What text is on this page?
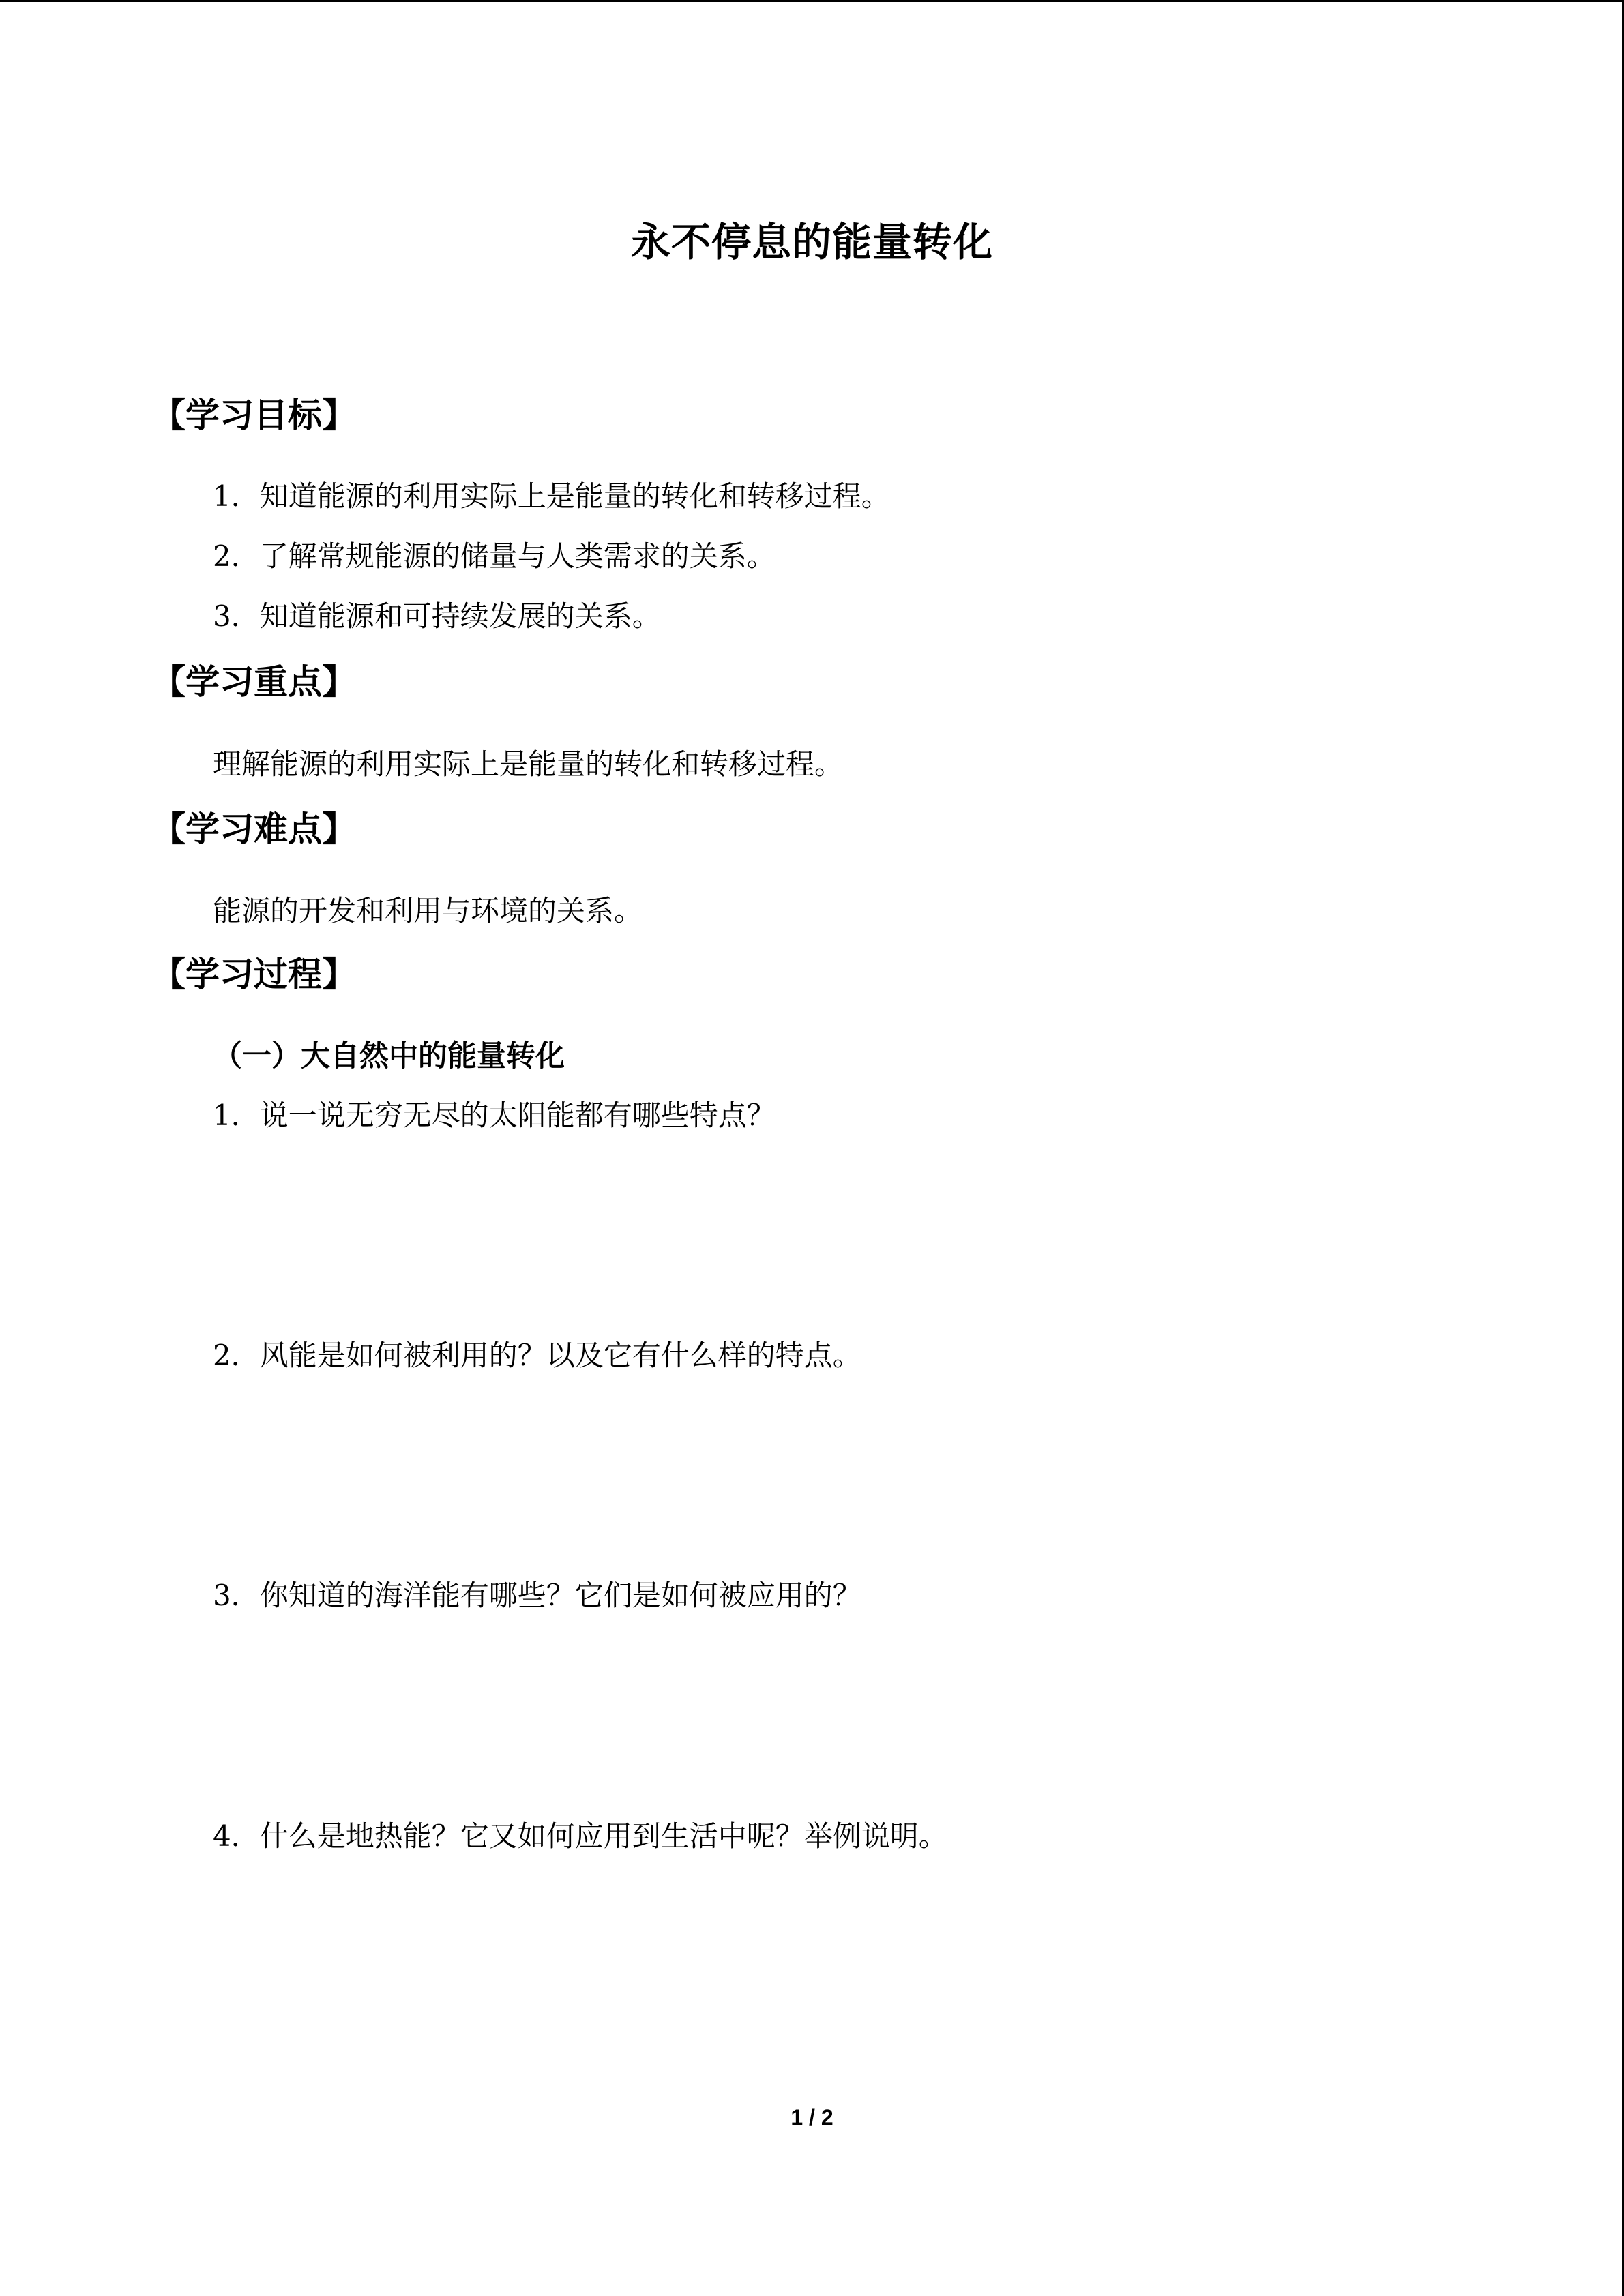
永不停息的能量转化
【学习目标】
1．知道能源的利用实际上是能量的转化和转移过程。
2．了解常规能源的储量与人类需求的关系。
3．知道能源和可持续发展的关系。
【学习重点】
理解能源的利用实际上是能量的转化和转移过程。
【学习难点】
能源的开发和利用与环境的关系。
【学习过程】
（一）大自然中的能量转化
1．说一说无穷无尽的太阳能都有哪些特点？
2．风能是如何被利用的？以及它有什么样的特点。
3．你知道的海洋能有哪些？它们是如何被应用的？
4．什么是地热能？它又如何应用到生活中呢？举例说明。
1 / 2
